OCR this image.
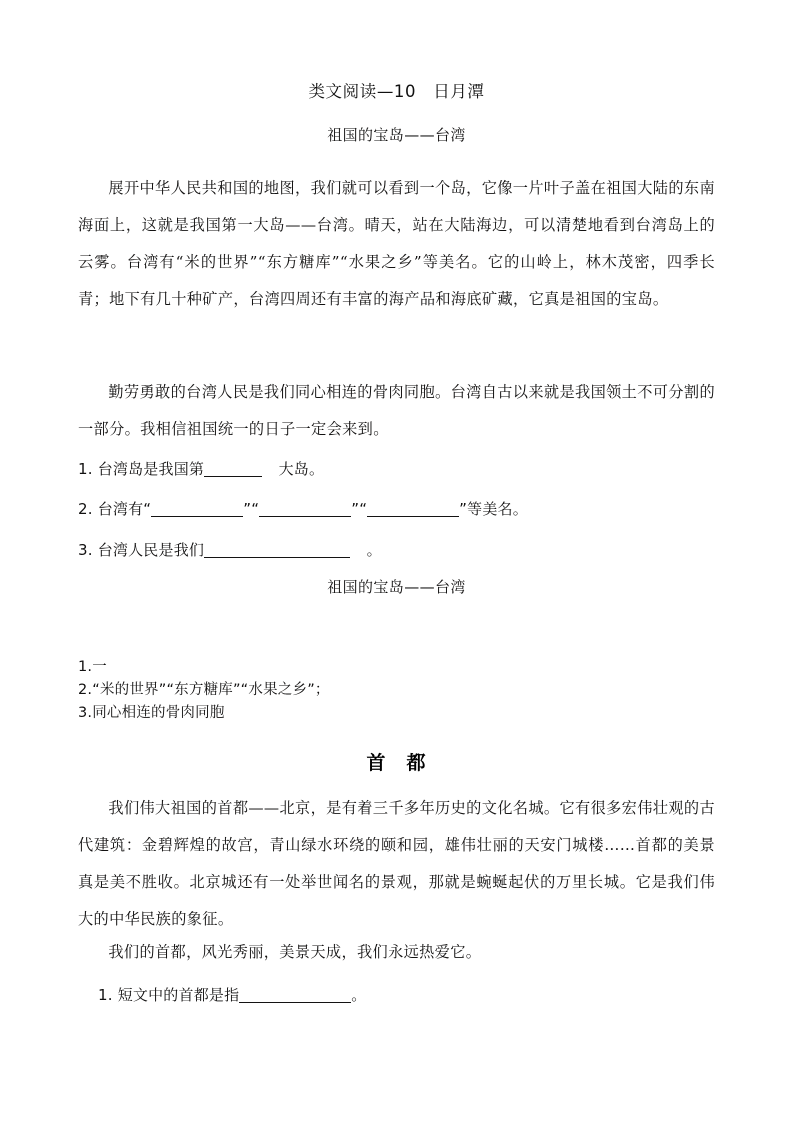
类文阅读—10　日月潭
祖国的宝岛——台湾
展开中华人民共和国的地图，我们就可以看到一个岛，它像一片叶子盖在祖国大陆的东南海面上，这就是我国第一大岛——台湾。晴天，站在大陆海边，可以清楚地看到台湾岛上的云雾。台湾有“米的世界”“东方糖库”“水果之乡”等美名。它的山岭上，林木茂密，四季长青；地下有几十种矿产，台湾四周还有丰富的海产品和海底矿藏，它真是祖国的宝岛。
勤劳勇敢的台湾人民是我们同心相连的骨肉同胞。台湾自古以来就是我国领土不可分割的一部分。我相信祖国统一的日子一定会来到。
1. 台湾岛是我国第	大岛。
2. 台湾有“	”“	”“	”等美名。
3. 台湾人民是我们	。
祖国的宝岛——台湾
1.一
2.“米的世界”“东方糖库”“水果之乡”；
3.同心相连的骨肉同胞
首　都
我们伟大祖国的首都——北京，是有着三千多年历史的文化名城。它有很多宏伟壮观的古代建筑：金碧辉煌的故宫，青山绿水环绕的颐和园，雄伟壮丽的天安门城楼……首都的美景真是美不胜收。北京城还有一处举世闻名的景观，那就是蜿蜒起伏的万里长城。它是我们伟大的中华民族的象征。
我们的首都，风光秀丽，美景天成，我们永远热爱它。
1. 短文中的首都是指	。
